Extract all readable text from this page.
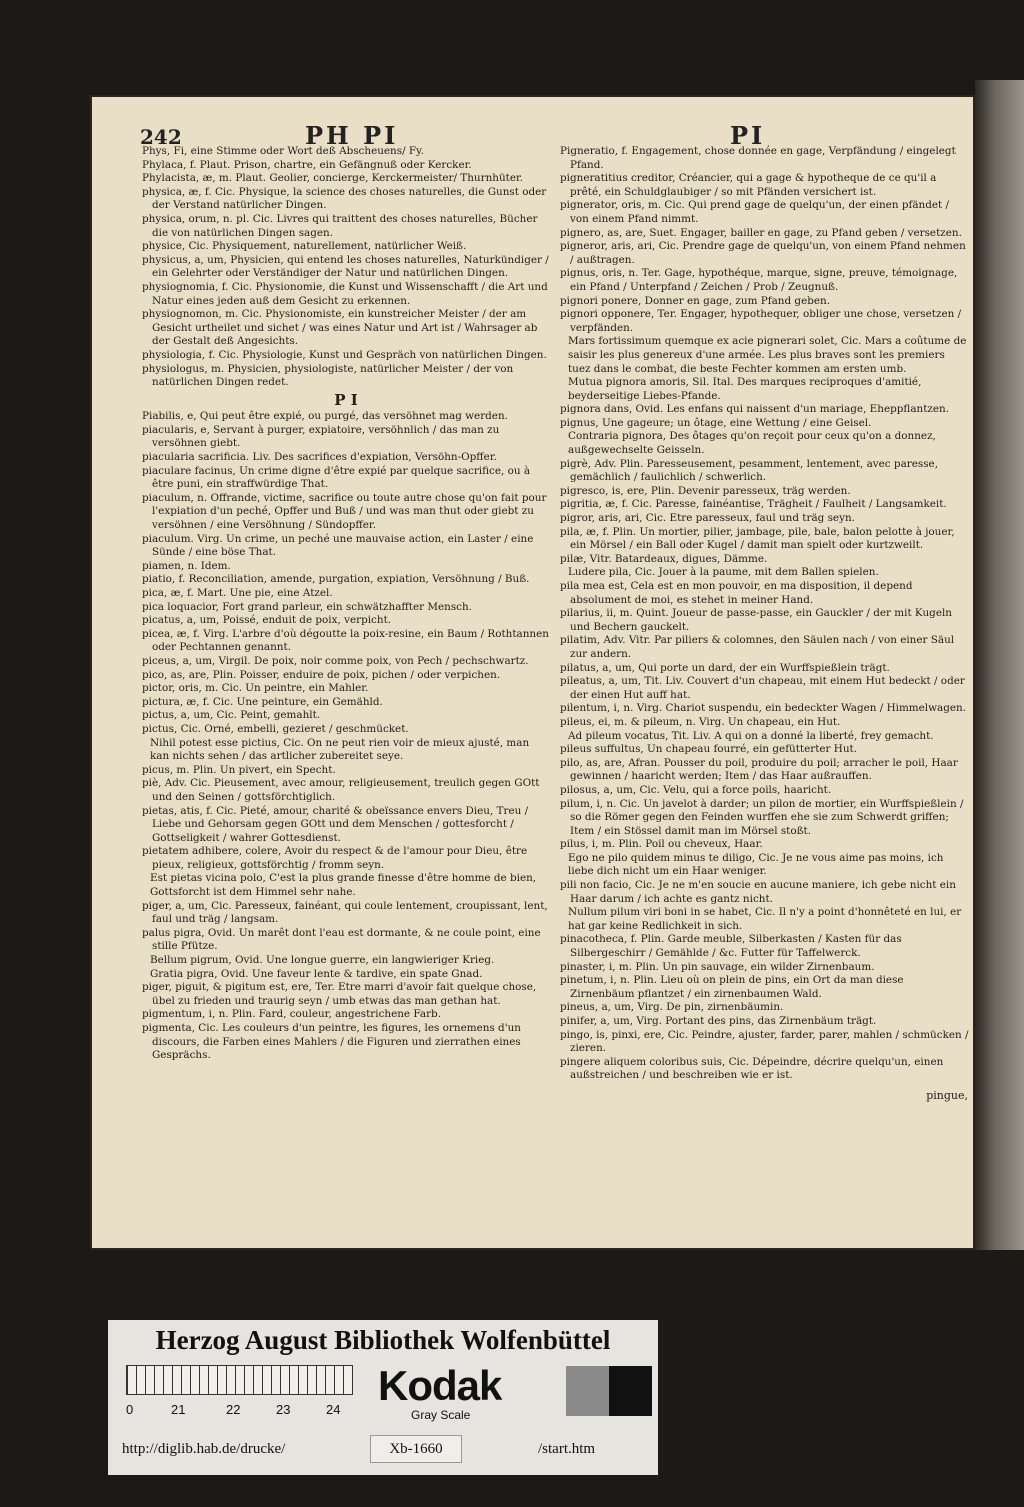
242	PH PI	PI

Phys, Fi, eine Stimme oder Wort deß Abscheuens/ Fy.

Phylaca, f. Plaut. Prison, chartre, ein Gefängnuß oder Kercker.

Phylacista, æ, m. Plaut. Geolier, concierge, Kerckermeister/ Thurnhüter.

physica, æ, f. Cic. Physique, la science des choses naturelles, die Gunst oder der Verstand natürlicher Dingen.

physica, orum, n. pl. Cic. Livres qui traittent des choses naturelles, Bücher die von natürlichen Dingen sagen.

physice, Cic. Physiquement, naturellement, natürlicher Weiß.

physicus, a, um, Physicien, qui entend les choses naturelles, Naturkündiger / ein Gelehrter oder Verständiger der Natur und natürlichen Dingen.

physiognomia, f. Cic. Physionomie, die Kunst und Wissenschafft / die Art und Natur eines jeden auß dem Gesicht zu erkennen.

physiognomon, m. Cic. Physionomiste, ein kunstreicher Meister / der am Gesicht urtheilet und sichet / was eines Natur und Art ist / Wahrsager ab der Gestalt deß Angesichts.

physiologia, f. Cic. Physiologie, Kunst und Gespräch von natürlichen Dingen.

physiologus, m. Physicien, physiologiste, natürlicher Meister / der von natürlichen Dingen redet.

P I

Piabilis, e, Qui peut être expié, ou purgé, das versöhnet mag werden.

piacularis, e, Servant à purger, expiatoire, versöhnlich / das man zu versöhnen giebt.

piacularia sacrificia. Liv. Des sacrifices d'expiation, Versöhn-Opffer.

piaculare facinus, Un crime digne d'être expié par quelque sacrifice, ou à être puni, ein straffwürdige That.

piaculum, n. Offrande, victime, sacrifice ou toute autre chose qu'on fait pour l'expiation d'un peché, Opffer und Buß / und was man thut oder giebt zu versöhnen / eine Versöhnung / Sündopffer.

piaculum. Virg. Un crime, un peché une mauvaise action, ein Laster / eine Sünde / eine böse That.

piamen, n. Idem.

piatio, f. Reconciliation, amende, purgation, expiation, Versöhnung / Buß.

pica, æ, f. Mart. Une pie, eine Atzel.

pica loquacior, Fort grand parleur, ein schwätzhaffter Mensch.

picatus, a, um, Poissé, enduit de poix, verpicht.

picea, æ, f. Virg. L'arbre d'où dégoutte la poix-resine, ein Baum / Rothtannen oder Pechtannen genannt.

piceus, a, um, Virgil. De poix, noir comme poix, von Pech / pechschwartz.

pico, as, are, Plin. Poisser, enduire de poix, pichen / oder verpichen.

pictor, oris, m. Cic. Un peintre, ein Mahler.

pictura, æ, f. Cic. Une peinture, ein Gemähld.

pictus, a, um, Cic. Peint, gemahlt.

pictus, Cic. Orné, embelli, gezieret / geschmücket.

Nihil potest esse pictius, Cic. On ne peut rien voir de mieux ajusté, man kan nichts sehen / das artlicher zubereitet seye.

picus, m. Plin. Un pivert, ein Specht.

piè, Adv. Cic. Pieusement, avec amour, religieusement, treulich gegen GOtt und den Seinen / gottsförchtiglich.

pietas, atis, f. Cic. Pieté, amour, charité & obeïssance envers Dieu, Treu / Liebe und Gehorsam gegen GOtt und dem Menschen / gottesforcht / Gottseligkeit / wahrer Gottesdienst.

pietatem adhibere, colere, Avoir du respect & de l'amour pour Dieu, être pieux, religieux, gottsförchtig / fromm seyn.

Est pietas vicina polo, C'est la plus grande finesse d'être homme de bien, Gottsforcht ist dem Himmel sehr nahe.

piger, a, um, Cic. Paresseux, fainéant, qui coule lentement, croupissant, lent, faul und träg / langsam.

palus pigra, Ovid. Un marêt dont l'eau est dormante, & ne coule point, eine stille Pfütze.

Bellum pigrum, Ovid. Une longue guerre, ein langwieriger Krieg.

Gratia pigra, Ovid. Une faveur lente & tardive, ein spate Gnad.

piger, piguit, & pigitum est, ere, Ter. Etre marri d'avoir fait quelque chose, übel zu frieden und traurig seyn / umb etwas das man gethan hat.

pigmentum, i, n. Plin. Fard, couleur, angestrichene Farb.

pigmenta, Cic. Les couleurs d'un peintre, les figures, les ornemens d'un discours, die Farben eines Mahlers / die Figuren und zierrathen eines Gesprächs.

Pigneratio, f. Engagement, chose donnée en gage, Verpfändung / eingelegt Pfand.

pigneratitius creditor, Créancier, qui a gage & hypotheque de ce qu'il a prêté, ein Schuldglaubiger / so mit Pfänden versichert ist.

pignerator, oris, m. Cic. Qui prend gage de quelqu'un, der einen pfändet / von einem Pfand nimmt.

pignero, as, are, Suet. Engager, bailler en gage, zu Pfand geben / versetzen.

pigneror, aris, ari, Cic. Prendre gage de quelqu'un, von einem Pfand nehmen / außtragen.

pignus, oris, n. Ter. Gage, hypothéque, marque, signe, preuve, témoignage, ein Pfand / Unterpfand / Zeichen / Prob / Zeugnuß.

pignori ponere, Donner en gage, zum Pfand geben.

pignori opponere, Ter. Engager, hypothequer, obliger une chose, versetzen / verpfänden.

Mars fortissimum quemque ex acie pignerari solet, Cic. Mars a coûtume de saisir les plus genereux d'une armée. Les plus braves sont les premiers tuez dans le combat, die beste Fechter kommen am ersten umb.

Mutua pignora amoris, Sil. Ital. Des marques reciproques d'amitié, beyderseitige Liebes-Pfande.

pignora dans, Ovid. Les enfans qui naissent d'un mariage, Eheppflantzen.

pignus, Une gageure; un ôtage, eine Wettung / eine Geisel.

Contraria pignora, Des ôtages qu'on reçoit pour ceux qu'on a donnez, außgewechselte Geisseln.

pigrè, Adv. Plin. Paresseusement, pesamment, lentement, avec paresse, gemächlich / faulichlich / schwerlich.

pigresco, is, ere, Plin. Devenir paresseux, träg werden.

pigritia, æ, f. Cic. Paresse, fainéantise, Trägheit / Faulheit / Langsamkeit.

pigror, aris, ari, Cic. Etre paresseux, faul und träg seyn.

pila, æ, f. Plin. Un mortier, pilier, jambage, pile, bale, balon pelotte à jouer, ein Mörsel / ein Ball oder Kugel / damit man spielt oder kurtzweilt.

pilæ, Vitr. Batardeaux, digues, Dämme.

Ludere pila, Cic. Jouer à la paume, mit dem Ballen spielen.

pila mea est, Cela est en mon pouvoir, en ma disposition, il depend absolument de moi, es stehet in meiner Hand.

pilarius, ii, m. Quint. Joueur de passe-passe, ein Gauckler / der mit Kugeln und Bechern gauckelt.

pilatim, Adv. Vitr. Par piliers & colomnes, den Säulen nach / von einer Säul zur andern.

pilatus, a, um, Qui porte un dard, der ein Wurffspießlein trägt.

pileatus, a, um, Tit. Liv. Couvert d'un chapeau, mit einem Hut bedeckt / oder der einen Hut auff hat.

pilentum, i, n. Virg. Chariot suspendu, ein bedeckter Wagen / Himmelwagen.

pileus, ei, m. & pileum, n. Virg. Un chapeau, ein Hut.

Ad pileum vocatus, Tit. Liv. A qui on a donné la liberté, frey gemacht.

pileus suffultus, Un chapeau fourré, ein gefütterter Hut.

pilo, as, are, Afran. Pousser du poil, produire du poil; arracher le poil, Haar gewinnen / haaricht werden; Item / das Haar außrauffen.

pilosus, a, um, Cic. Velu, qui a force poils, haaricht.

pilum, i, n. Cic. Un javelot à darder; un pilon de mortier, ein Wurffspießlein / so die Römer gegen den Feinden wurffen ehe sie zum Schwerdt griffen; Item / ein Stössel damit man im Mörsel stoßt.

pilus, i, m. Plin. Poil ou cheveux, Haar.

Ego ne pilo quidem minus te diligo, Cic. Je ne vous aime pas moins, ich liebe dich nicht um ein Haar weniger.

pili non facio, Cic. Je ne m'en soucie en aucune maniere, ich gebe nicht ein Haar darum / ich achte es gantz nicht.

Nullum pilum viri boni in se habet, Cic. Il n'y a point d'honnêteté en lui, er hat gar keine Redlichkeit in sich.

pinacotheca, f. Plin. Garde meuble, Silberkasten / Kasten für das Silbergeschirr / Gemählde / &c. Futter für Taffelwerck.

pinaster, i, m. Plin. Un pin sauvage, ein wilder Zirnenbaum.

pinetum, i, n. Plin. Lieu où on plein de pins, ein Ort da man diese Zirnenbäum pflantzet / ein zirnenbaumen Wald.

pineus, a, um, Virg. De pin, zirnenbäumin.

pinifer, a, um, Virg. Portant des pins, das Zirnenbäum trägt.

pingo, is, pinxi, ere, Cic. Peindre, ajuster, farder, parer, mahlen / schmücken / zieren.

pingere aliquem coloribus suis, Cic. Dépeindre, décrire quelqu'un, einen außstreichen / und beschreiben wie er ist.

pingue,
Herzog August Bibliothek Wolfenbüttel
0	21	22	23	24
Kodak
Gray Scale
http://diglib.hab.de/drucke/	Xb-1660	/start.htm
